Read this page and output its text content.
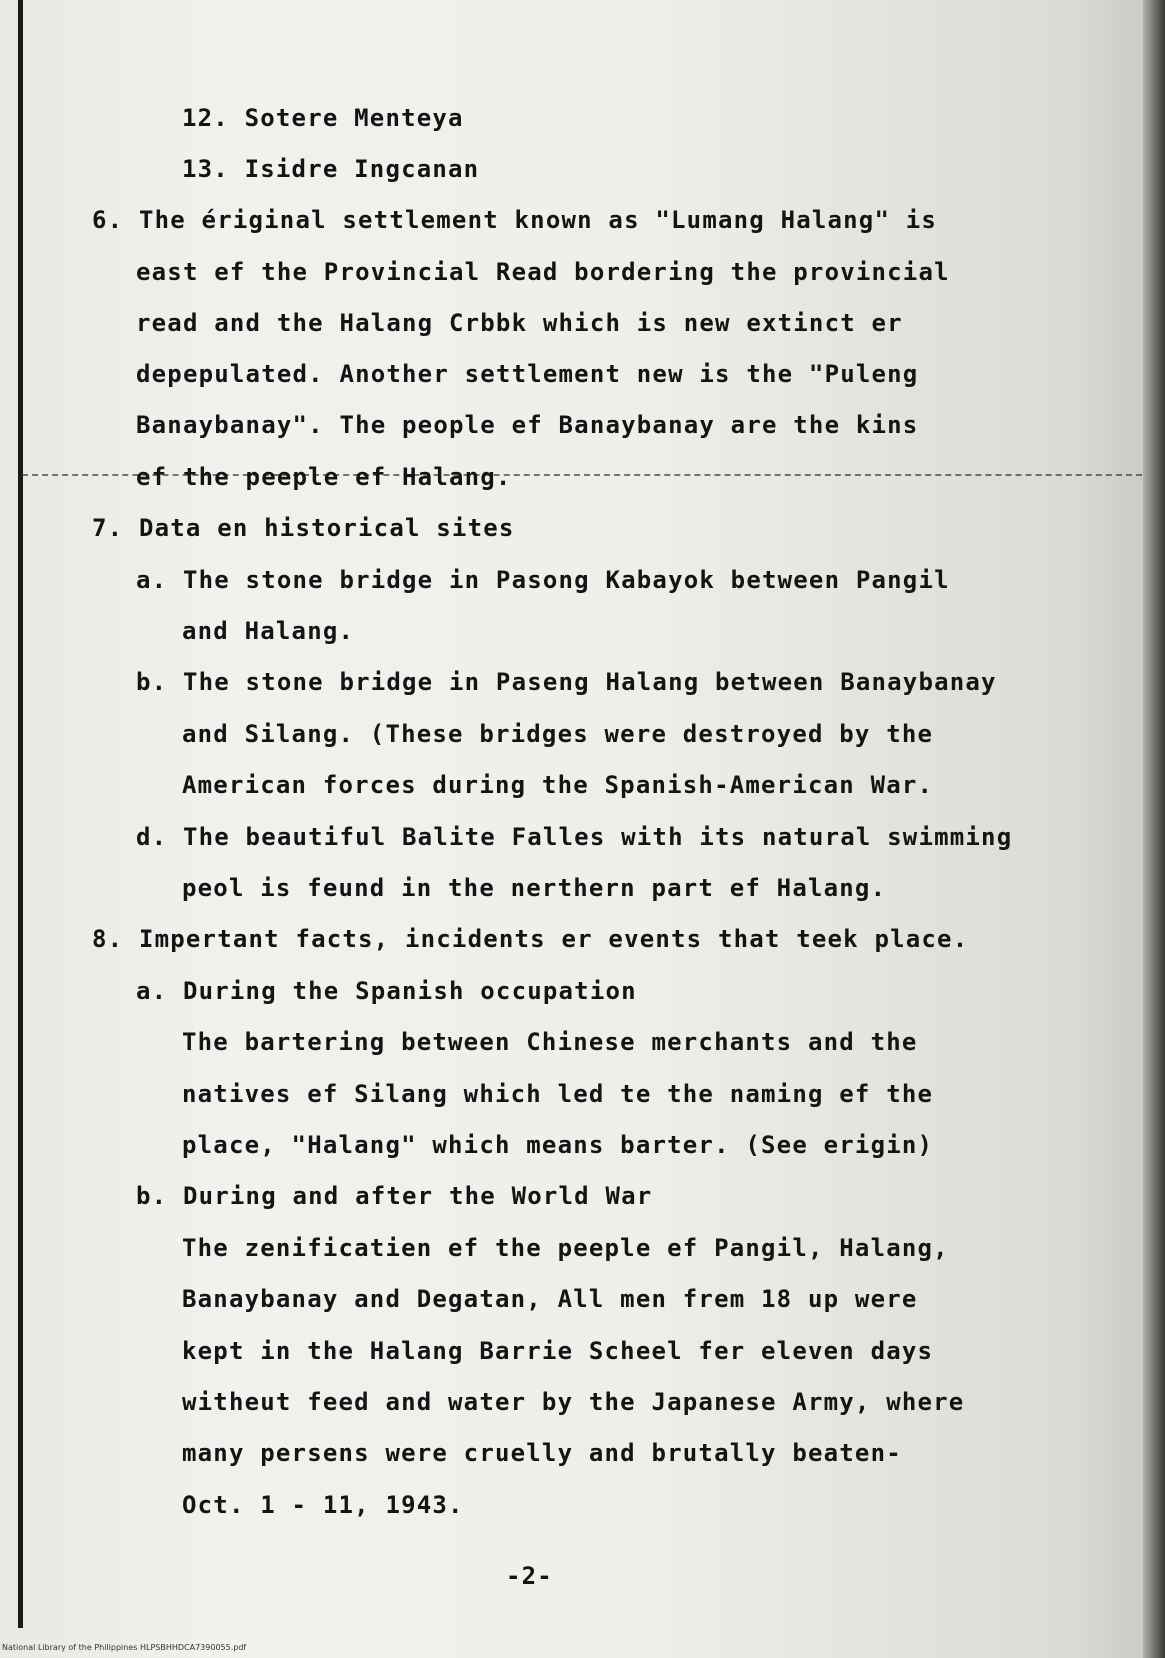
12. Sotere Menteya
13. Isidre Ingcanan
6. The ériginal settlement known as "Lumang Halang" is
east ef the Provincial Read bordering the provincial
read and the Halang Crbbk which is new extinct er
depepulated. Another settlement new is the "Puleng
Banaybanay". The people ef Banaybanay are the kins
ef the peeple ef Halang.
7. Data en historical sites
a. The stone bridge in Pasong Kabayok between Pangil
and Halang.
b. The stone bridge in Paseng Halang between Banaybanay
and Silang. (These bridges were destroyed by the
American forces during the Spanish-American War.
d. The beautiful Balite Falles with its natural swimming
peol is feund in the nerthern part ef Halang.
8. Impertant facts, incidents er events that teek place.
a. During the Spanish occupation
The bartering between Chinese merchants and the
natives ef Silang which led te the naming ef the
place, "Halang" which means barter. (See erigin)
b. During and after the World War
The zenificatien ef the peeple ef Pangil, Halang,
Banaybanay and Degatan, All men frem 18 up were
kept in the Halang Barrie Scheel fer eleven days
witheut feed and water by the Japanese Army, where
many persens were cruelly and brutally beaten-
Oct. 1 - 11, 1943.
-2-
National Library of the Philippines HLPSBHHDCA7390055.pdf
